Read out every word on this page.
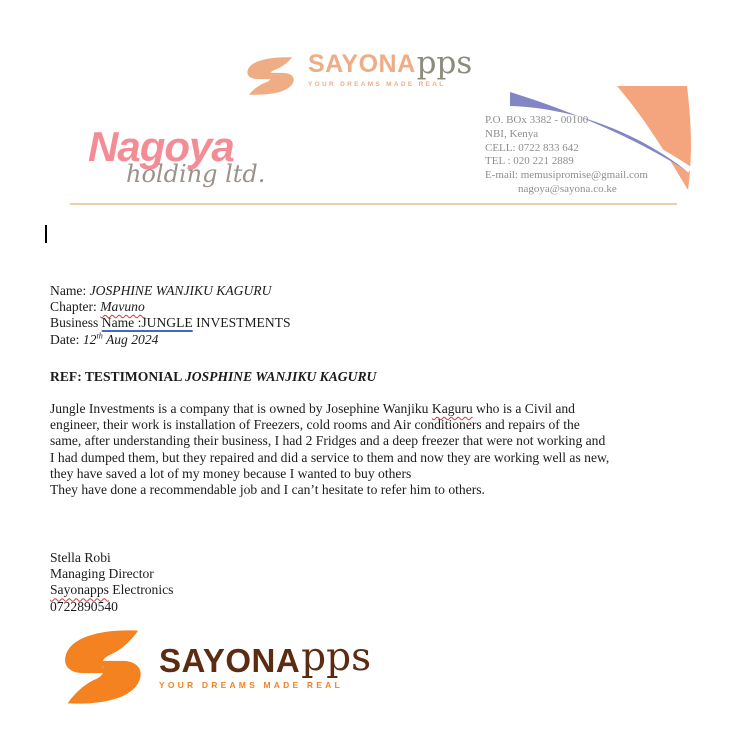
SAYONA pps
YOUR DREAMS MADE REAL
P.O. BOx 3382 - 00100
NBI, Kenya
CELL: 0722 833 642
TEL : 020 221 2889
E-mail: memusipromise@gmail.com
nagoya@sayona.co.ke
Nagoya
holding ltd.
Name: JOSPHINE WANJIKU KAGURU
Chapter: Mavuno
Business Name :JUNGLE INVESTMENTS
Date: 12th Aug 2024
REF: TESTIMONIAL JOSPHINE WANJIKU KAGURU
Jungle Investments is a company that is owned by Josephine Wanjiku Kaguru who is a Civil and
engineer, their work is installation of Freezers, cold rooms and Air conditioners and repairs of the
same, after understanding their business, I had 2 Fridges and a deep freezer that were not working and
I had dumped them, but they repaired and did a service to them and now they are working well as new,
they have saved a lot of my money because I wanted to buy others
They have done a recommendable job and I can’t hesitate to refer him to others.
Stella Robi
Managing Director
Sayonapps Electronics
0722890540
SAYONA pps
YOUR DREAMS MADE REAL
